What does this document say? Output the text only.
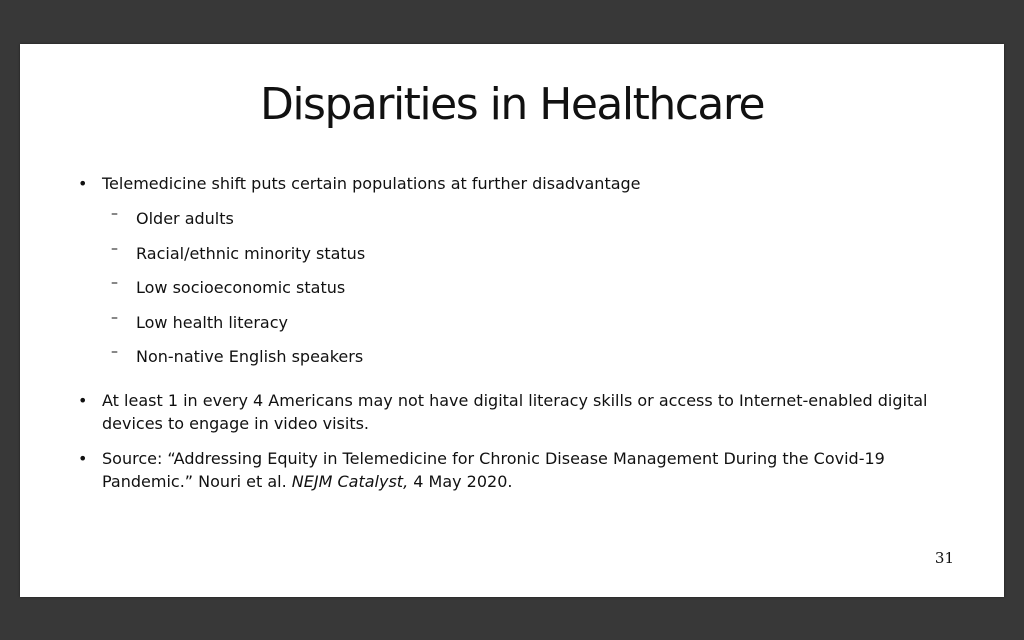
Disparities in Healthcare
• Telemedicine shift puts certain populations at further disadvantage
– Older adults
– Racial/ethnic minority status
– Low socioeconomic status
– Low health literacy
– Non-native English speakers
• At least 1 in every 4 Americans may not have digital literacy skills or access to Internet-enabled digital devices to engage in video visits.
• Source: “Addressing Equity in Telemedicine for Chronic Disease Management During the Covid-19 Pandemic.” Nouri et al. NEJM Catalyst, 4 May 2020.
31
